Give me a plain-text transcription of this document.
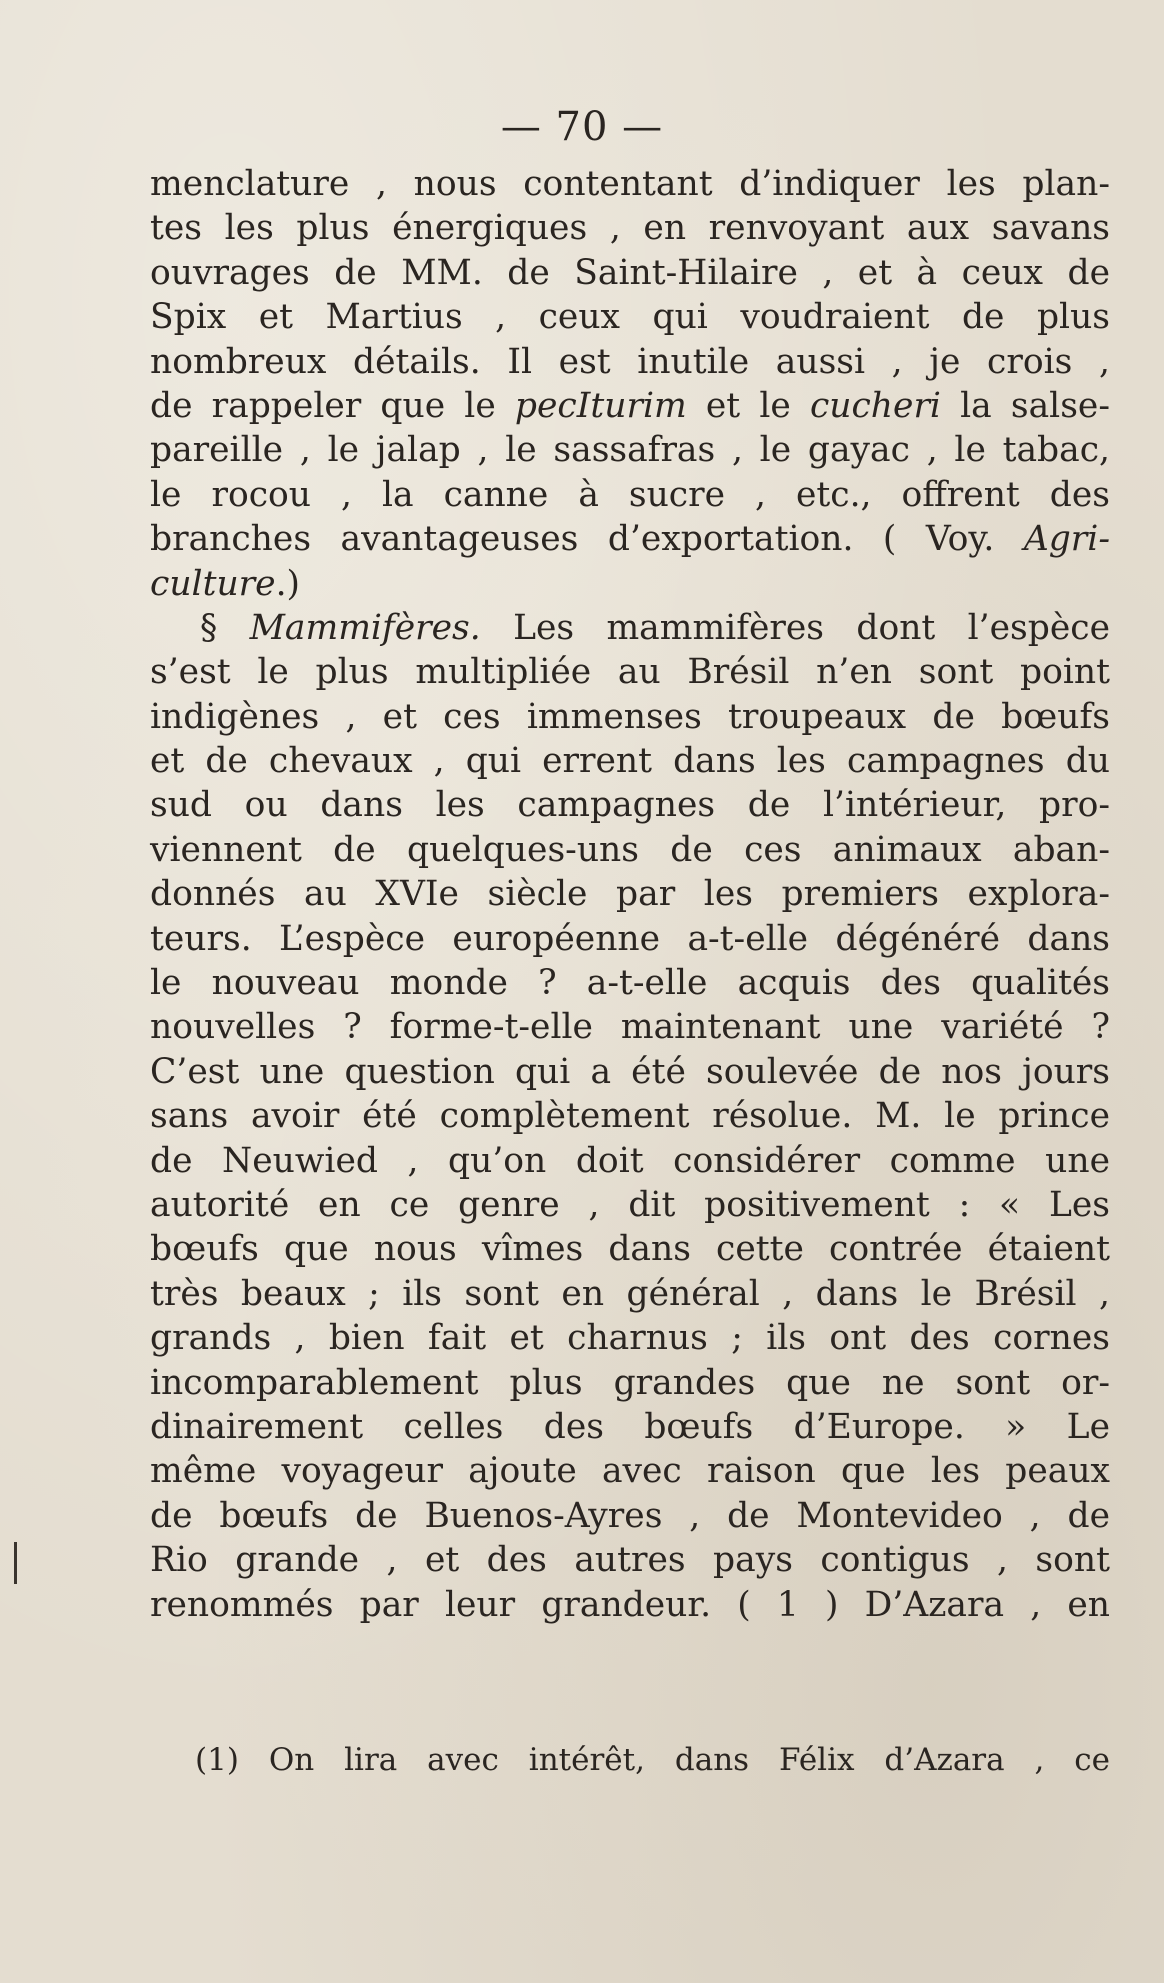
— 70 —
menclature , nous contentant d’indiquer les plan-
tes les plus énergiques , en renvoyant aux savans
ouvrages de MM. de Saint-Hilaire , et à ceux de
Spix et Martius , ceux qui voudraient de plus
nombreux détails. Il est inutile aussi , je crois ,
de rappeler que le pecIturim et le cucheri la salse-
pareille , le jalap , le sassafras , le gayac , le tabac,
le rocou , la canne à sucre , etc., offrent des
branches avantageuses d’exportation. ( Voy. Agri-
culture.)
§ Mammifères. Les mammifères dont l’espèce
s’est le plus multipliée au Brésil n’en sont point
indigènes , et ces immenses troupeaux de bœufs
et de chevaux , qui errent dans les campagnes du
sud ou dans les campagnes de l’intérieur, pro-
viennent de quelques-uns de ces animaux aban-
donnés au XVIe siècle par les premiers explora-
teurs. L’espèce européenne a-t-elle dégénéré dans
le nouveau monde ? a-t-elle acquis des qualités
nouvelles ? forme-t-elle maintenant une variété ?
C’est une question qui a été soulevée de nos jours
sans avoir été complètement résolue. M. le prince
de Neuwied , qu’on doit considérer comme une
autorité en ce genre , dit positivement : « Les
bœufs que nous vîmes dans cette contrée étaient
très beaux ; ils sont en général , dans le Brésil ,
grands , bien fait et charnus ; ils ont des cornes
incomparablement plus grandes que ne sont or-
dinairement celles des bœufs d’Europe. » Le
même voyageur ajoute avec raison que les peaux
de bœufs de Buenos-Ayres , de Montevideo , de
Rio grande , et des autres pays contigus , sont
renommés par leur grandeur. ( 1 ) D’Azara , en
(1) On lira avec intérêt, dans Félix d’Azara , ce
